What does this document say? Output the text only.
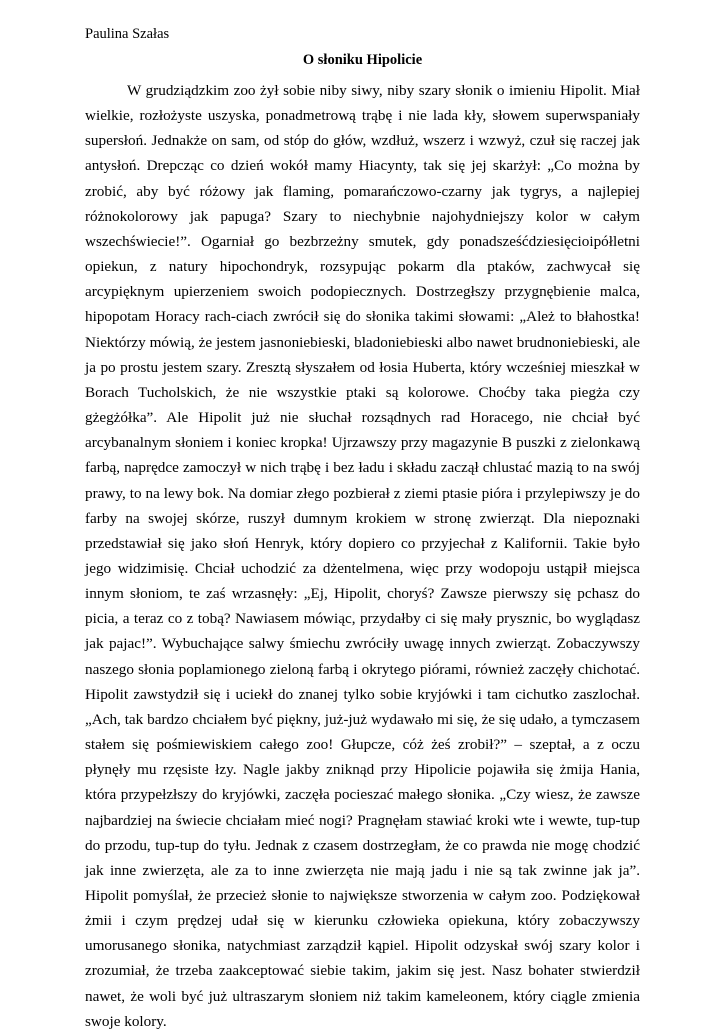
Paulina Szałas
O słoniku Hipolicie

W grudziądzkim zoo żył sobie niby siwy, niby szary słonik o imieniu Hipolit. Miał wielkie, rozłożyste uszyska, ponadmetrową trąbę i nie lada kły, słowem superwspaniały supersłoń. Jednakże on sam, od stóp do głów, wzdłuż, wszerz i wzwyż, czuł się raczej jak antysłoń. Drepcząc co dzień wokół mamy Hiacynty, tak się jej skarżył: „Co można by zrobić, aby być różowy jak flaming, pomarańczowo-czarny jak tygrys, a najlepiej różnokolorowy jak papuga? Szary to niechybnie najohydniejszy kolor w całym wszechświecie!”. Ogarniał go bezbrzeżny smutek, gdy ponadsześćdziesięcioipółletni opiekun, z natury hipochondryk, rozsypując pokarm dla ptaków, zachwycał się arcypięknym upierzeniem swoich podopiecznych. Dostrzegłszy przygnębienie malca, hipopotam Horacy rach-ciach zwrócił się do słonika takimi słowami: „Ależ to błahostka! Niektórzy mówią, że jestem jasnoniebieski, bladoniebieski albo nawet brudnoniebieski, ale ja po prostu jestem szary. Zresztą słyszałem od łosia Huberta, który wcześniej mieszkał w Borach Tucholskich, że nie wszystkie ptaki są kolorowe. Choćby taka piegża czy gżegżółka”. Ale Hipolit już nie słuchał rozsądnych rad Horacego, nie chciał być arcybanalnym słoniem i koniec kropka! Ujrzawszy przy magazynie B puszki z zielonkawą farbą, naprędce zamoczył w nich trąbę i bez ładu i składu zaczął chlustać mazią to na swój prawy, to na lewy bok. Na domiar złego pozbierał z ziemi ptasie pióra i przylepiwszy je do farby na swojej skórze, ruszył dumnym krokiem w stronę zwierząt. Dla niepoznaki przedstawiał się jako słoń Henryk, który dopiero co przyjechał z Kalifornii. Takie było jego widzimisię. Chciał uchodzić za dżentelmena, więc przy wodopoju ustąpił miejsca innym słoniom, te zaś wrzasnęły: „Ej, Hipolit, choryś? Zawsze pierwszy się pchasz do picia, a teraz co z tobą? Nawiasem mówiąc, przydałby ci się mały prysznic, bo wyglądasz jak pajac!”. Wybuchające salwy śmiechu zwróciły uwagę innych zwierząt. Zobaczywszy naszego słonia poplamionego zieloną farbą i okrytego piórami, również zaczęły chichotać. Hipolit zawstydził się i uciekł do znanej tylko sobie kryjówki i tam cichutko zaszlochał. „Ach, tak bardzo chciałem być piękny, już-już wydawało mi się, że się udało, a tymczasem stałem się pośmiewiskiem całego zoo! Głupcze, cóż żeś zrobił?” – szeptał, a z oczu płynęły mu rzęsiste łzy. Nagle jakby zniknąd przy Hipolicie pojawiła się żmija Hania, która przypełzłszy do kryjówki, zaczęła pocieszać małego słonika. „Czy wiesz, że zawsze najbardziej na świecie chciałam mieć nogi? Pragnęłam stawiać kroki wte i wewte, tup-tup do przodu, tup-tup do tyłu. Jednak z czasem dostrzegłam, że co prawda nie mogę chodzić jak inne zwierzęta, ale za to inne zwierzęta nie mają jadu i nie są tak zwinne jak ja”. Hipolit pomyślał, że przecież słonie to największe stworzenia w całym zoo. Podziękował żmii i czym prędzej udał się w kierunku człowieka opiekuna, który zobaczywszy umorusanego słonika, natychmiast zarządził kąpiel. Hipolit odzyskał swój szary kolor i zrozumiał, że trzeba zaakceptować siebie takim, jakim się jest. Nasz bohater stwierdził nawet, że woli być już ultraszarym słoniem niż takim kameleonem, który ciągle zmienia swoje kolory.
